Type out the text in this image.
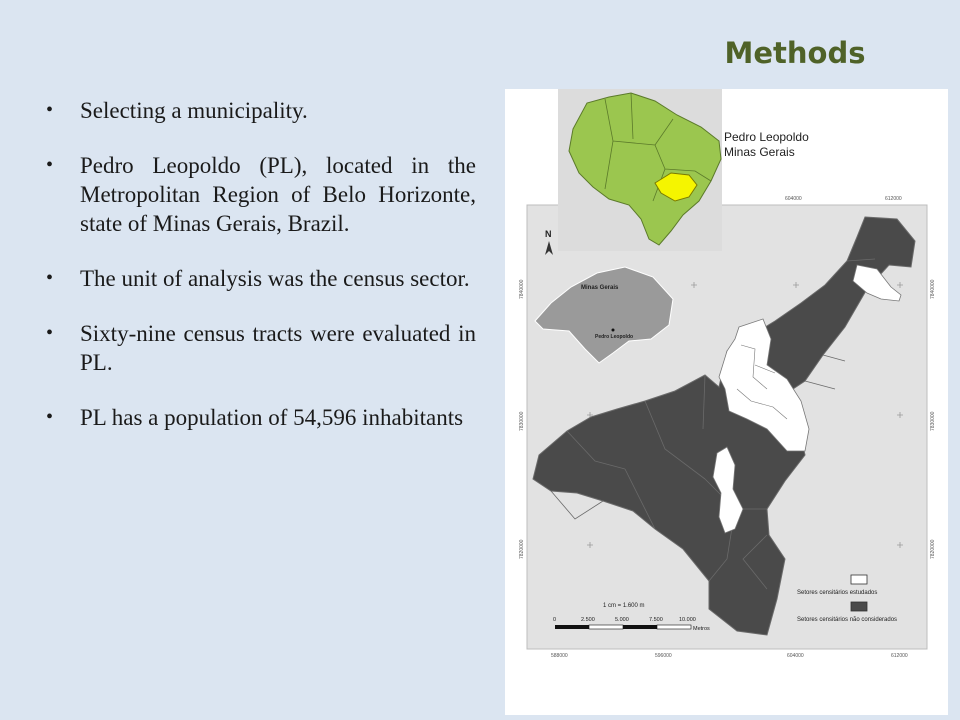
Methods
• Selecting a municipality.
• Pedro Leopoldo (PL), located in the Metropolitan Region of Belo Horizonte, state of Minas Gerais, Brazil.
• The unit of analysis was the census sector.
• Sixty-nine census tracts were evaluated in PL.
• PL has a population of 54,596 inhabitants
Pedro Leopoldo
Minas Gerais
604000	612000
588000	596000	604000	612000
7840000
7830000
7820000
7840000
7830000
7820000
N
Minas Gerais
Pedro Leopoldo
Setores censitários estudados
Setores censitários não considerados
1 cm = 1.600 m
0	2.500	5.000	7.500	10.000
Metros
